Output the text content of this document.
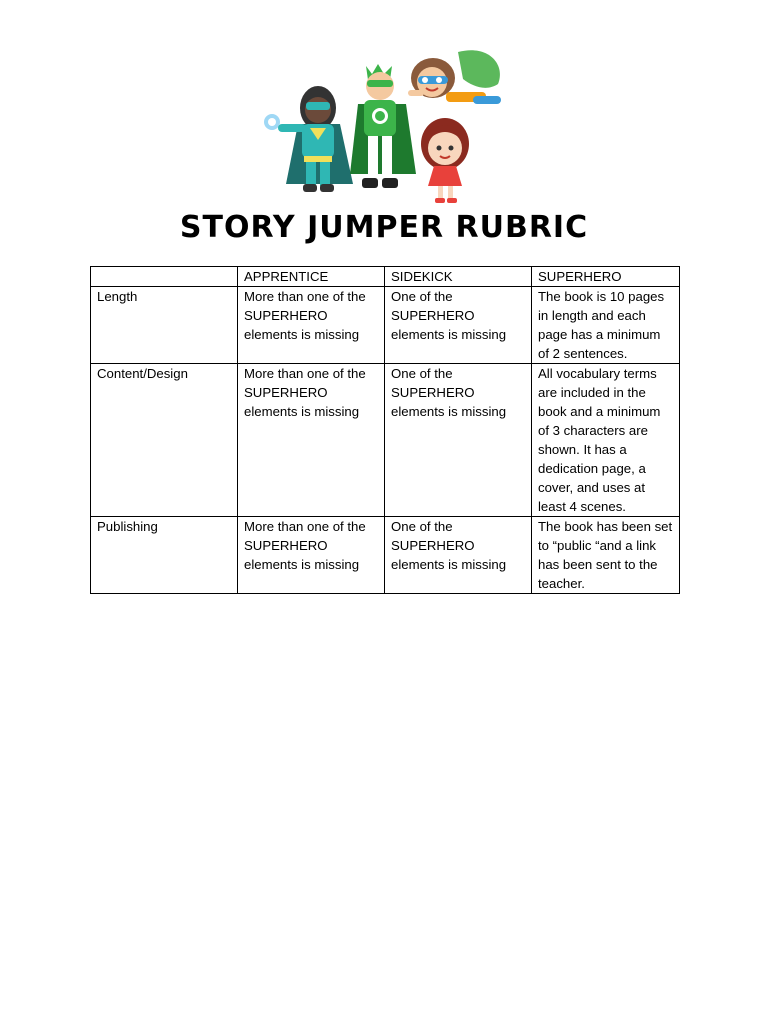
STORY JUMPER RUBRIC
	APPRENTICE	SIDEKICK	SUPERHERO
Length	More than one of the SUPERHERO elements is missing	One of the SUPERHERO elements is missing	The book is 10 pages in length and each page has a minimum of 2 sentences.
Content/Design	More than one of the SUPERHERO elements is missing	One of the SUPERHERO elements is missing	All vocabulary terms are included in the book and a minimum of 3 characters are shown. It has a dedication page, a cover, and uses at least 4 scenes.
Publishing	More than one of the SUPERHERO elements is missing	One of the SUPERHERO elements is missing	The book has been set to “public “and a link has been sent to the teacher.
